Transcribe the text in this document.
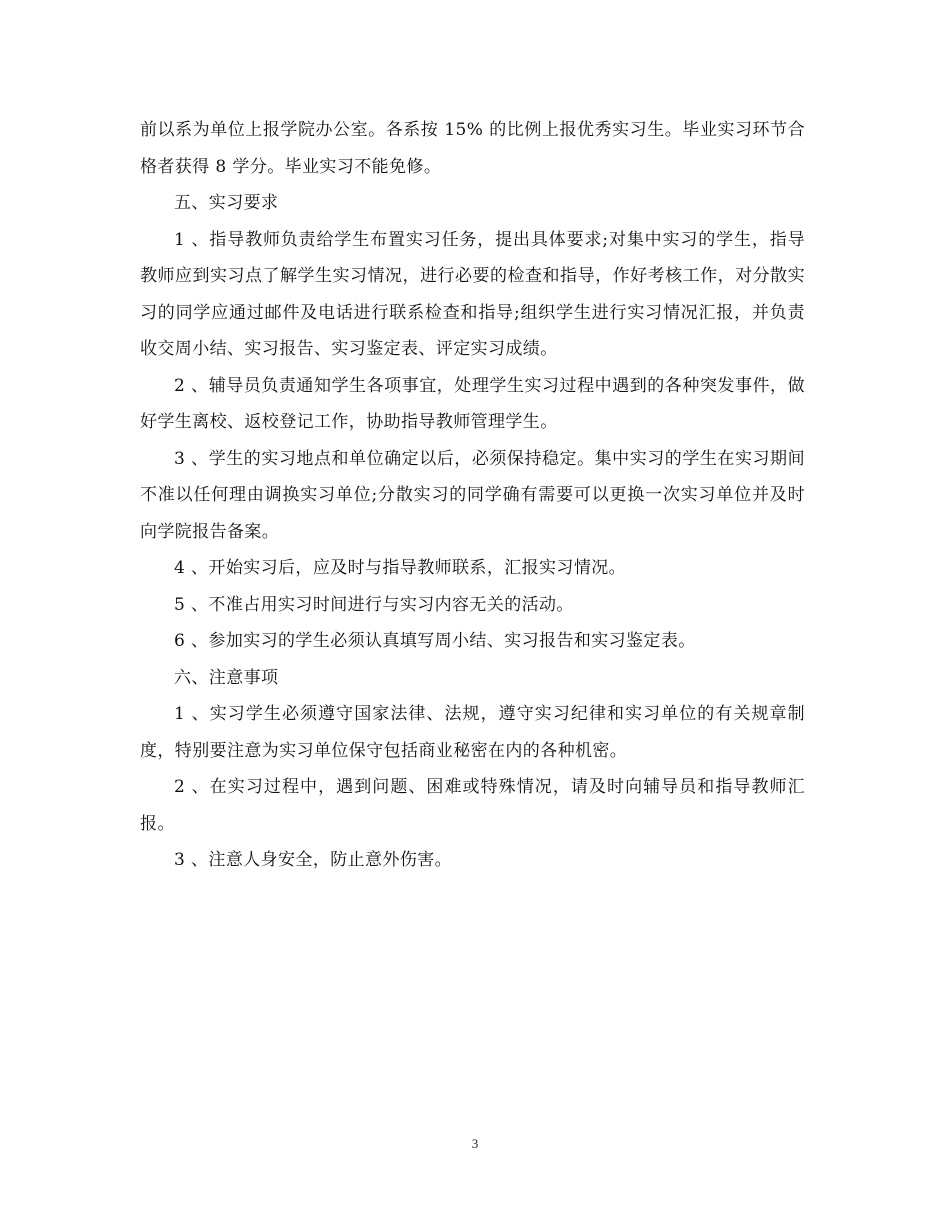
前以系为单位上报学院办公室。各系按 15% 的比例上报优秀实习生。毕业实习环节合格者获得 8 学分。毕业实习不能免修。

五、实习要求

1 、指导教师负责给学生布置实习任务，提出具体要求;对集中实习的学生，指导教师应到实习点了解学生实习情况，进行必要的检查和指导，作好考核工作，对分散实习的同学应通过邮件及电话进行联系检查和指导;组织学生进行实习情况汇报，并负责收交周小结、实习报告、实习鉴定表、评定实习成绩。

2 、辅导员负责通知学生各项事宜，处理学生实习过程中遇到的各种突发事件，做好学生离校、返校登记工作，协助指导教师管理学生。

3 、学生的实习地点和单位确定以后，必须保持稳定。集中实习的学生在实习期间不准以任何理由调换实习单位;分散实习的同学确有需要可以更换一次实习单位并及时向学院报告备案。

4 、开始实习后，应及时与指导教师联系，汇报实习情况。

5 、不准占用实习时间进行与实习内容无关的活动。

6 、参加实习的学生必须认真填写周小结、实习报告和实习鉴定表。

六、注意事项

1 、实习学生必须遵守国家法律、法规，遵守实习纪律和实习单位的有关规章制度，特别要注意为实习单位保守包括商业秘密在内的各种机密。

2 、在实习过程中，遇到问题、困难或特殊情况，请及时向辅导员和指导教师汇报。

3 、注意人身安全，防止意外伤害。

3
